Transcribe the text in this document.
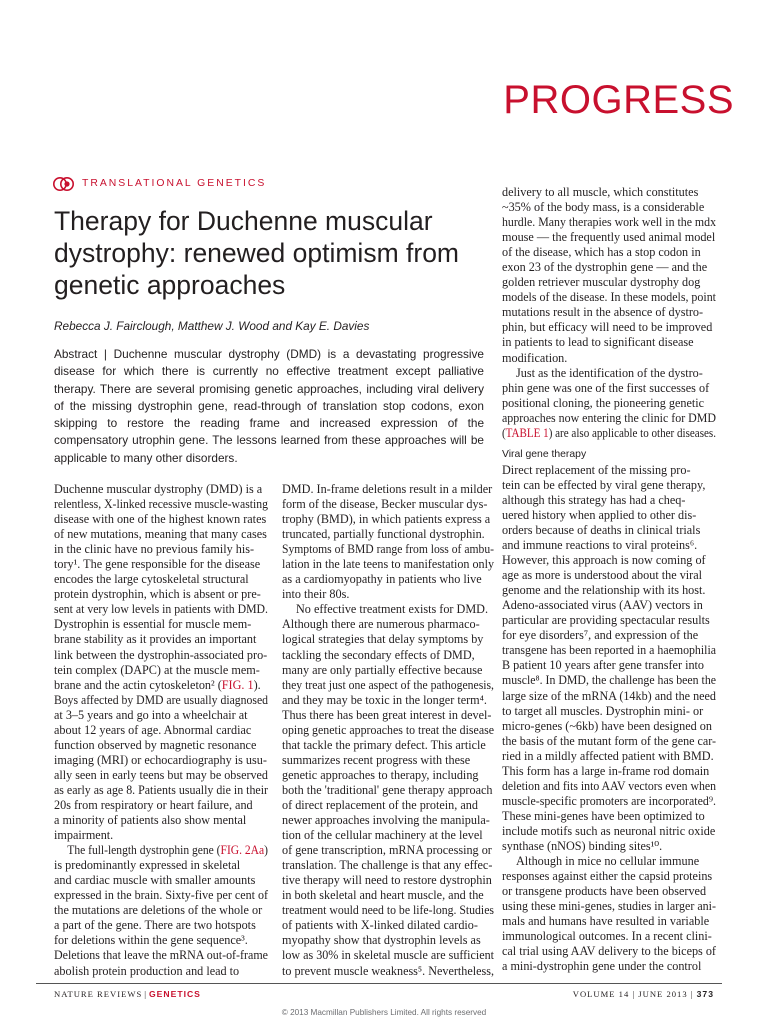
PROGRESS
TRANSLATIONAL GENETICS
Therapy for Duchenne muscular
dystrophy: renewed optimism from
genetic approaches
Rebecca J. Fairclough, Matthew J. Wood and Kay E. Davies
Abstract | Duchenne muscular dystrophy (DMD) is a devastating progressive
disease for which there is currently no effective treatment except palliative
therapy. There are several promising genetic approaches, including viral delivery
of the missing dystrophin gene, read-through of translation stop codons, exon
skipping to restore the reading frame and increased expression of the
compensatory utrophin gene. The lessons learned from these approaches will be
applicable to many other disorders.
Duchenne muscular dystrophy (DMD) is a
relentless, X-linked recessive muscle-wasting
disease with one of the highest known rates
of new mutations, meaning that many cases
in the clinic have no previous family his-
tory¹. The gene responsible for the disease
encodes the large cytoskeletal structural
protein dystrophin, which is absent or pre-
sent at very low levels in patients with DMD.
Dystrophin is essential for muscle mem-
brane stability as it provides an important
link between the dystrophin-associated pro-
tein complex (DAPC) at the muscle mem-
brane and the actin cytoskeleton² (FIG. 1).
Boys affected by DMD are usually diagnosed
at 3–5 years and go into a wheelchair at
about 12 years of age. Abnormal cardiac
function observed by magnetic resonance
imaging (MRI) or echocardiography is usu-
ally seen in early teens but may be observed
as early as age 8. Patients usually die in their
20s from respiratory or heart failure, and
a minority of patients also show mental
impairment.
The full-length dystrophin gene (FIG. 2Aa)
is predominantly expressed in skeletal
and cardiac muscle with smaller amounts
expressed in the brain. Sixty-five per cent of
the mutations are deletions of the whole or
a part of the gene. There are two hotspots
for deletions within the gene sequence³.
Deletions that leave the mRNA out-of-frame
abolish protein production and lead to
DMD. In-frame deletions result in a milder
form of the disease, Becker muscular dys-
trophy (BMD), in which patients express a
truncated, partially functional dystrophin.
Symptoms of BMD range from loss of ambu-
lation in the late teens to manifestation only
as a cardiomyopathy in patients who live
into their 80s.
No effective treatment exists for DMD.
Although there are numerous pharmaco-
logical strategies that delay symptoms by
tackling the secondary effects of DMD,
many are only partially effective because
they treat just one aspect of the pathogenesis,
and they may be toxic in the longer term⁴.
Thus there has been great interest in devel-
oping genetic approaches to treat the disease
that tackle the primary defect. This article
summarizes recent progress with these
genetic approaches to therapy, including
both the 'traditional' gene therapy approach
of direct replacement of the protein, and
newer approaches involving the manipula-
tion of the cellular machinery at the level
of gene transcription, mRNA processing or
translation. The challenge is that any effec-
tive therapy will need to restore dystrophin
in both skeletal and heart muscle, and the
treatment would need to be life-long. Studies
of patients with X-linked dilated cardio-
myopathy show that dystrophin levels as
low as 30% in skeletal muscle are sufficient
to prevent muscle weakness⁵. Nevertheless,
delivery to all muscle, which constitutes
~35% of the body mass, is a considerable
hurdle. Many therapies work well in the mdx
mouse — the frequently used animal model
of the disease, which has a stop codon in
exon 23 of the dystrophin gene — and the
golden retriever muscular dystrophy dog
models of the disease. In these models, point
mutations result in the absence of dystro-
phin, but efficacy will need to be improved
in patients to lead to significant disease
modification.
Just as the identification of the dystro-
phin gene was one of the first successes of
positional cloning, the pioneering genetic
approaches now entering the clinic for DMD
(TABLE 1) are also applicable to other diseases.
Viral gene therapy
Direct replacement of the missing pro-
tein can be effected by viral gene therapy,
although this strategy has had a cheq-
uered history when applied to other dis-
orders because of deaths in clinical trials
and immune reactions to viral proteins⁶.
However, this approach is now coming of
age as more is understood about the viral
genome and the relationship with its host.
Adeno-associated virus (AAV) vectors in
particular are providing spectacular results
for eye disorders⁷, and expression of the
transgene has been reported in a haemophilia
B patient 10 years after gene transfer into
muscle⁸. In DMD, the challenge has been the
large size of the mRNA (14kb) and the need
to target all muscles. Dystrophin mini- or
micro-genes (~6kb) have been designed on
the basis of the mutant form of the gene car-
ried in a mildly affected patient with BMD.
This form has a large in-frame rod domain
deletion and fits into AAV vectors even when
muscle-specific promoters are incorporated⁹.
These mini-genes have been optimized to
include motifs such as neuronal nitric oxide
synthase (nNOS) binding sites¹⁰.
Although in mice no cellular immune
responses against either the capsid proteins
or transgene products have been observed
using these mini-genes, studies in larger ani-
mals and humans have resulted in variable
immunological outcomes. In a recent clini-
cal trial using AAV delivery to the biceps of
a mini-dystrophin gene under the control
NATURE REVIEWS | GENETICS	VOLUME 14 | JUNE 2013 | 373
© 2013 Macmillan Publishers Limited. All rights reserved
